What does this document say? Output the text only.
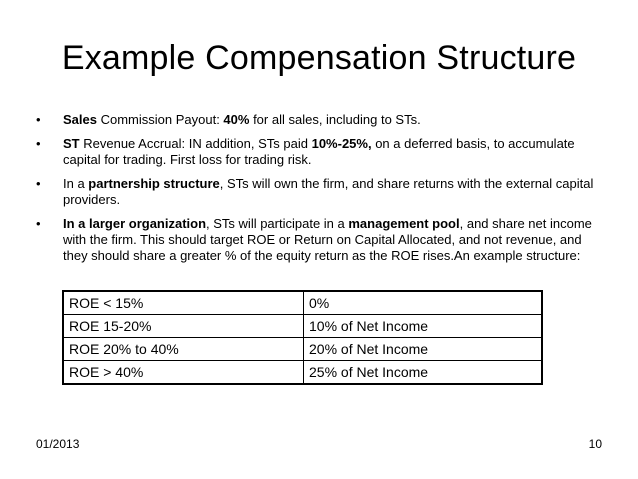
Example Compensation Structure
•	Sales Commission Payout: 40% for all sales, including to STs.
•	ST Revenue Accrual: IN addition, STs paid 10%-25%, on a deferred basis, to accumulate capital for trading. First loss for trading risk.
•	In a partnership structure, STs will own the firm, and share returns with the external capital providers.
•	In a larger organization, STs will participate in a management pool, and share net income with the firm. This should target ROE or Return on Capital Allocated, and not revenue, and they should share a greater % of the equity return as the ROE rises.An example structure:
ROE < 15%	0%
ROE 15-20%	10% of Net Income
ROE 20% to 40%	20% of Net Income
ROE > 40%	25% of Net Income
01/2013	10
